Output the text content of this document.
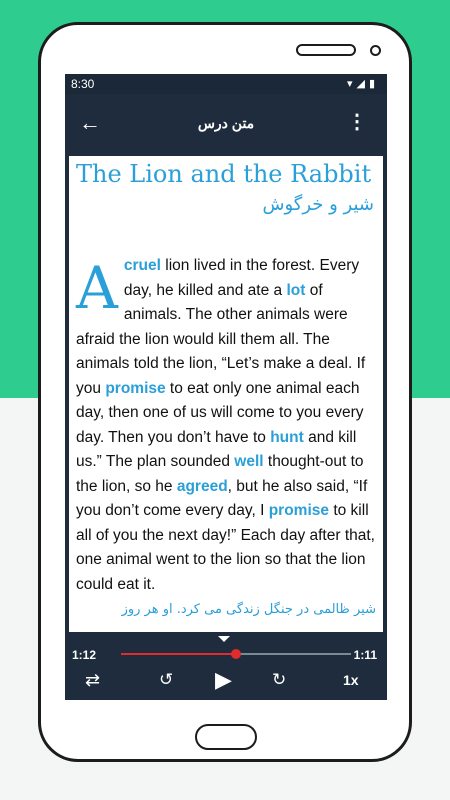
8:30	▾◢▮
←	متن درس	⋮
The Lion and the Rabbit
شیر و خرگوش
A cruel lion lived in the forest. Every day, he killed and ate a lot of animals. The other animals were afraid the lion would kill them all. The animals told the lion, “Let’s make a deal. If you promise to eat only one animal each day, then one of us will come to you every day. Then you don’t have to hunt and kill us.” The plan sounded well thought-out to the lion, so he agreed, but he also said, “If you don’t come every day, I promise to kill all of you the next day!” Each day after that, one animal went to the lion so that the lion could eat it.
شیر ظالمی در جنگل زندگی می کرد. او هر روز
1:12	1:11
⇄	↺ ▶ ↻	1x
